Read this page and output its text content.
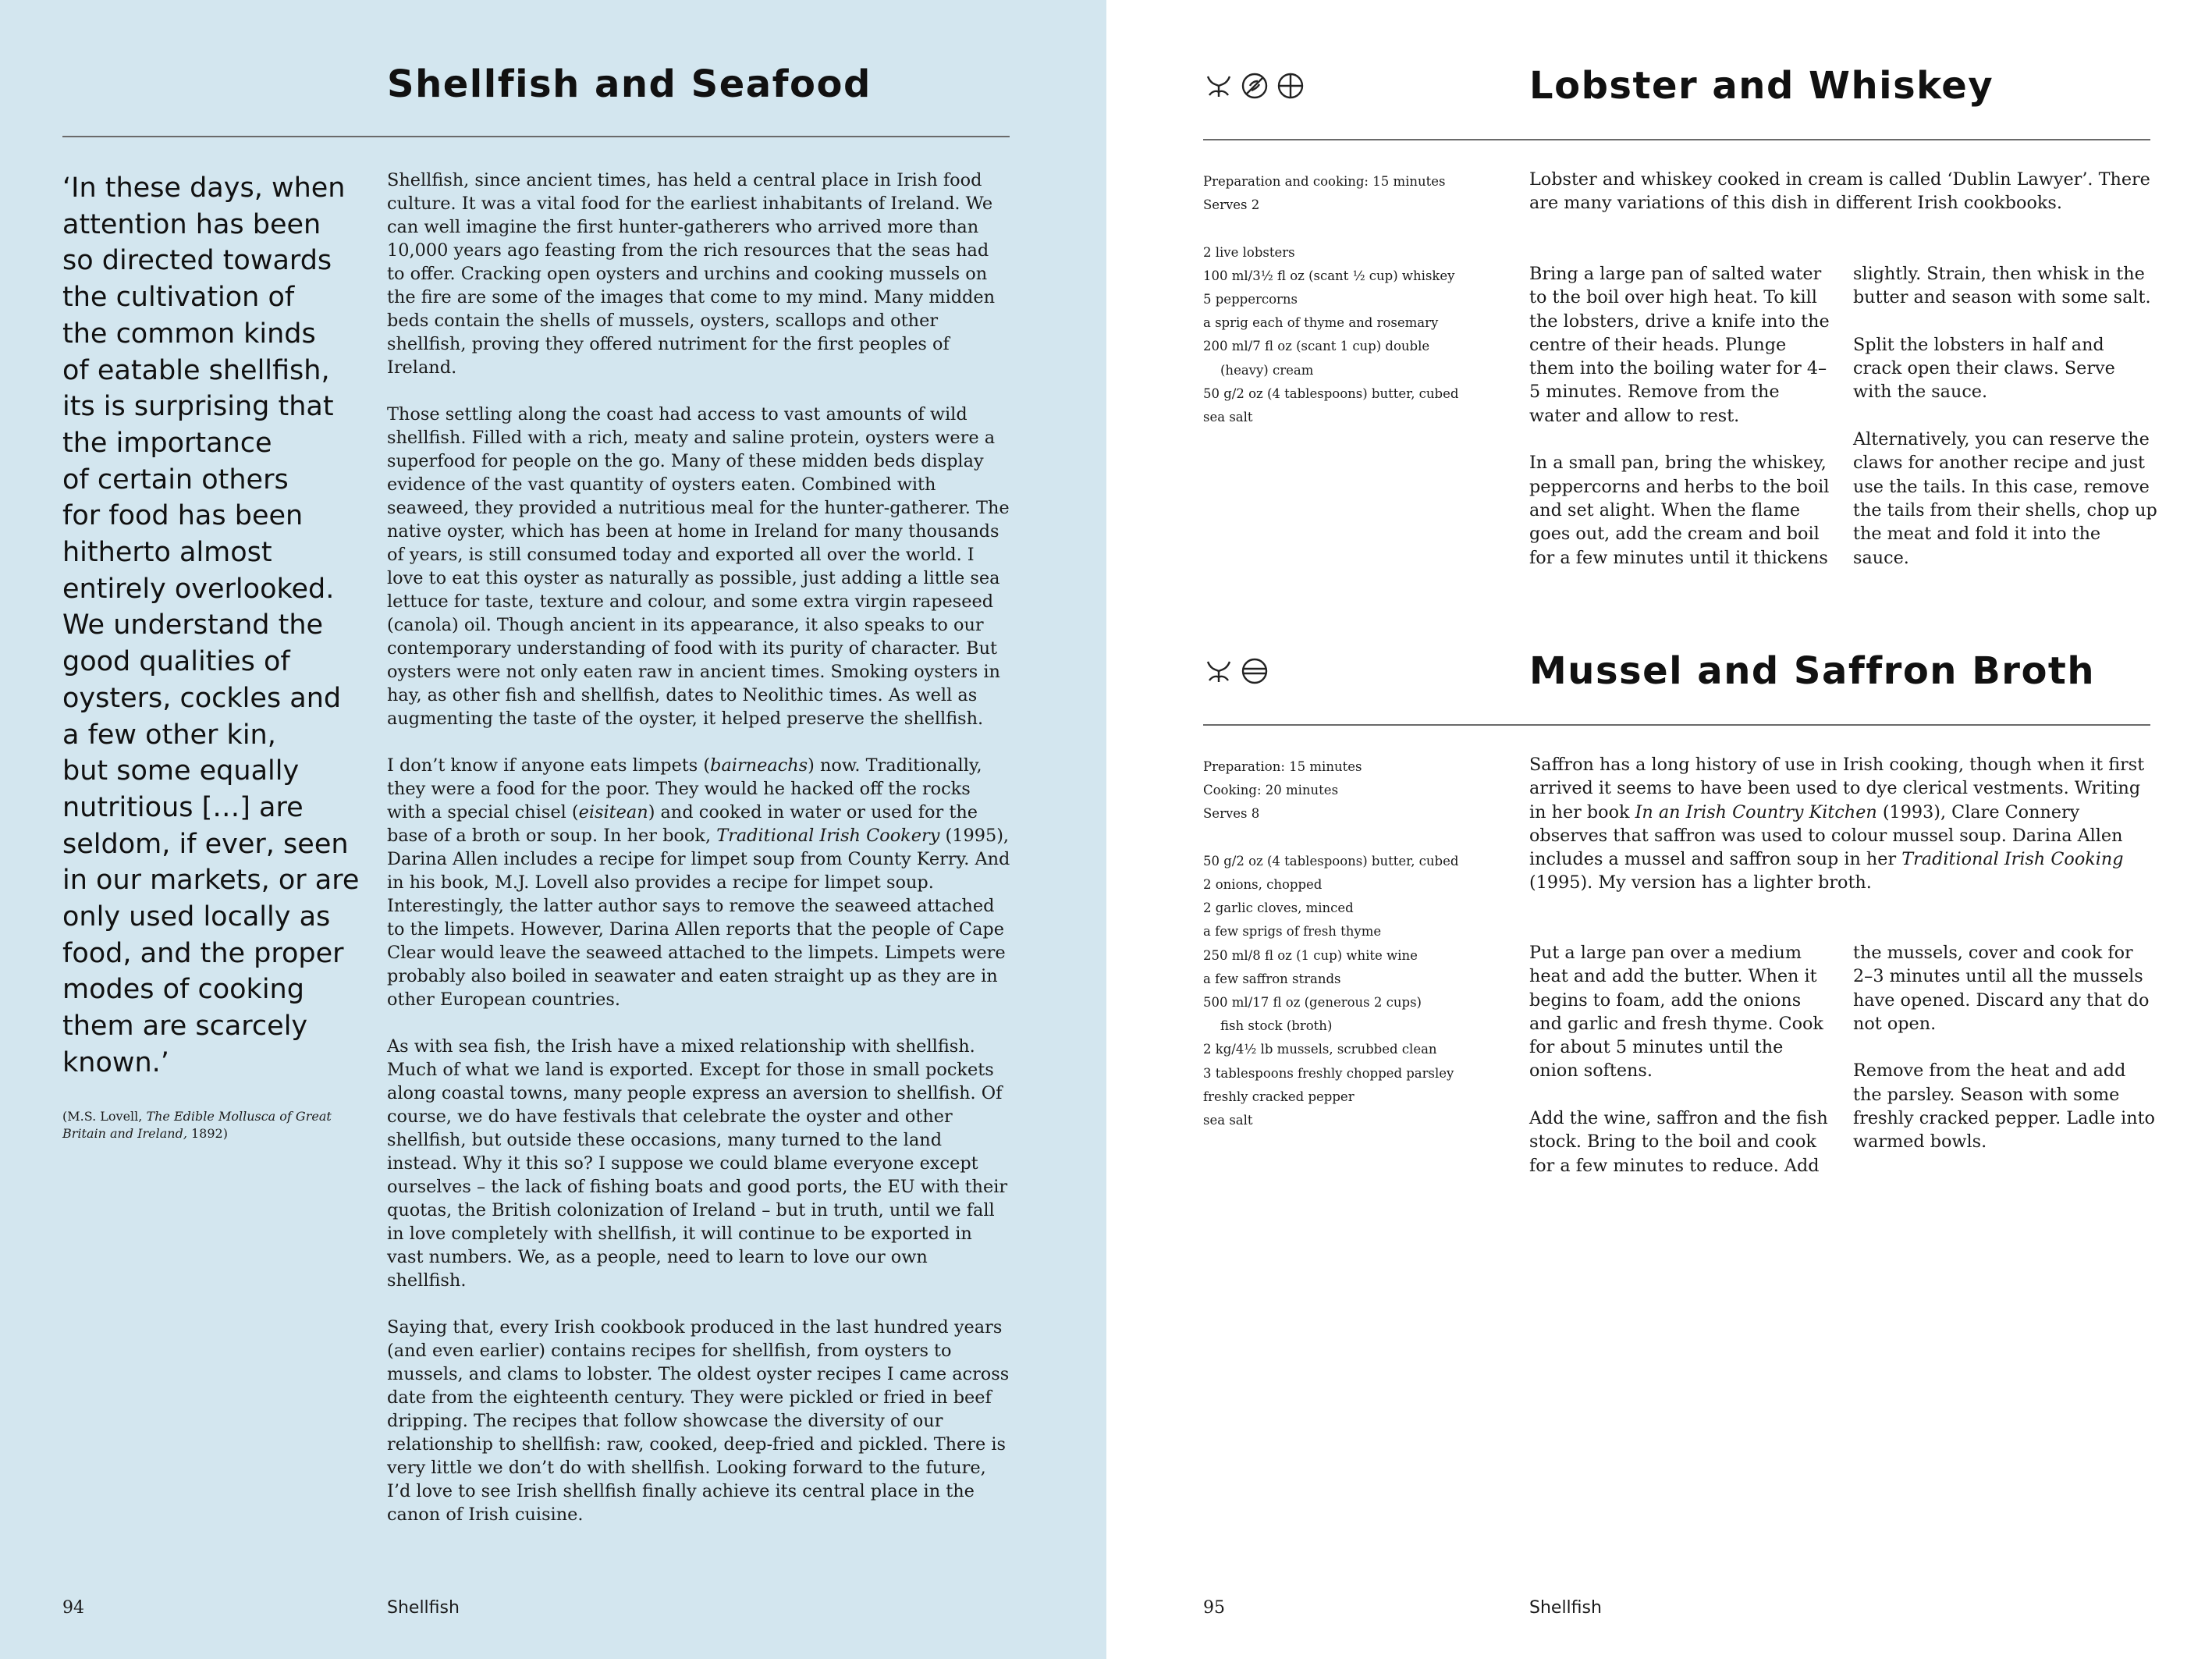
Shellfish and Seafood
‘In these days, when
attention has been
so directed towards
the cultivation of
the common kinds
of eatable shellfish,
its is surprising that
the importance
of certain others
for food has been
hitherto almost
entirely overlooked.
We understand the
good qualities of
oysters, cockles and
a few other kin,
but some equally
nutritious […] are
seldom, if ever, seen
in our markets, or are
only used locally as
food, and the proper
modes of cooking
them are scarcely
known.’
(M.S. Lovell, The Edible Mollusca of Great Britain and Ireland, 1892)

Shellfish, since ancient times, has held a central place in Irish food culture. It was a vital food for the earliest inhabitants of Ireland. We can well imagine the first hunter-gatherers who arrived more than 10,000 years ago feasting from the rich resources that the seas had to offer. Cracking open oysters and urchins and cooking mussels on the fire are some of the images that come to my mind. Many midden beds contain the shells of mussels, oysters, scallops and other shellfish, proving they offered nutriment for the first peoples of Ireland.

Those settling along the coast had access to vast amounts of wild shellfish. Filled with a rich, meaty and saline protein, oysters were a superfood for people on the go. Many of these midden beds display evidence of the vast quantity of oysters eaten. Combined with seaweed, they provided a nutritious meal for the hunter-gatherer. The native oyster, which has been at home in Ireland for many thousands of years, is still consumed today and exported all over the world. I love to eat this oyster as naturally as possible, just adding a little sea lettuce for taste, texture and colour, and some extra virgin rapeseed (canola) oil. Though ancient in its appearance, it also speaks to our contemporary understanding of food with its purity of character. But oysters were not only eaten raw in ancient times. Smoking oysters in hay, as other fish and shellfish, dates to Neolithic times. As well as augmenting the taste of the oyster, it helped preserve the shellfish.

I don’t know if anyone eats limpets (bairneachs) now. Traditionally, they were a food for the poor. They would he hacked off the rocks with a special chisel (eisitean) and cooked in water or used for the base of a broth or soup. In her book, Traditional Irish Cookery (1995), Darina Allen includes a recipe for limpet soup from County Kerry. And in his book, M.J. Lovell also provides a recipe for limpet soup. Interestingly, the latter author says to remove the seaweed attached to the limpets. However, Darina Allen reports that the people of Cape Clear would leave the seaweed attached to the limpets. Limpets were probably also boiled in seawater and eaten straight up as they are in other European countries.

As with sea fish, the Irish have a mixed relationship with shellfish. Much of what we land is exported. Except for those in small pockets along coastal towns, many people express an aversion to shellfish. Of course, we do have festivals that celebrate the oyster and other shellfish, but outside these occasions, many turned to the land instead. Why it this so? I suppose we could blame everyone except ourselves – the lack of fishing boats and good ports, the EU with their quotas, the British colonization of Ireland – but in truth, until we fall in love completely with shellfish, it will continue to be exported in vast numbers. We, as a people, need to learn to love our own shellfish.

Saying that, every Irish cookbook produced in the last hundred years (and even earlier) contains recipes for shellfish, from oysters to mussels, and clams to lobster. The oldest oyster recipes I came across date from the eighteenth century. They were pickled or fried in beef dripping. The recipes that follow showcase the diversity of our relationship to shellfish: raw, cooked, deep-fried and pickled. There is very little we don’t do with shellfish. Looking forward to the future, I’d love to see Irish shellfish finally achieve its central place in the canon of Irish cuisine.

94	Shellfish
Lobster and Whiskey
Preparation and cooking: 15 minutes
Serves 2
2 live lobsters
100 ml/3½ fl oz (scant ½ cup) whiskey
5 peppercorns
a sprig each of thyme and rosemary
200 ml/7 fl oz (scant 1 cup) double
(heavy) cream
50 g/2 oz (4 tablespoons) butter, cubed
sea salt
Lobster and whiskey cooked in cream is called ‘Dublin Lawyer’. There are many variations of this dish in different Irish cookbooks.

Bring a large pan of salted water to the boil over high heat. To kill the lobsters, drive a knife into the centre of their heads. Plunge them into the boiling water for 4–5 minutes. Remove from the water and allow to rest.

In a small pan, bring the whiskey, peppercorns and herbs to the boil and set alight. When the flame goes out, add the cream and boil for a few minutes until it thickens

slightly. Strain, then whisk in the butter and season with some salt.

Split the lobsters in half and crack open their claws. Serve with the sauce.

Alternatively, you can reserve the claws for another recipe and just use the tails. In this case, remove the tails from their shells, chop up the meat and fold it into the sauce.

Mussel and Saffron Broth
Preparation: 15 minutes
Cooking: 20 minutes
Serves 8
50 g/2 oz (4 tablespoons) butter, cubed
2 onions, chopped
2 garlic cloves, minced
a few sprigs of fresh thyme
250 ml/8 fl oz (1 cup) white wine
a few saffron strands
500 ml/17 fl oz (generous 2 cups)
fish stock (broth)
2 kg/4½ lb mussels, scrubbed clean
3 tablespoons freshly chopped parsley
freshly cracked pepper
sea salt
Saffron has a long history of use in Irish cooking, though when it first arrived it seems to have been used to dye clerical vestments. Writing in her book In an Irish Country Kitchen (1993), Clare Connery observes that saffron was used to colour mussel soup. Darina Allen includes a mussel and saffron soup in her Traditional Irish Cooking (1995). My version has a lighter broth.

Put a large pan over a medium heat and add the butter. When it begins to foam, add the onions and garlic and fresh thyme. Cook for about 5 minutes until the onion softens.

Add the wine, saffron and the fish stock. Bring to the boil and cook for a few minutes to reduce. Add

the mussels, cover and cook for 2–3 minutes until all the mussels have opened. Discard any that do not open.

Remove from the heat and add the parsley. Season with some freshly cracked pepper. Ladle into warmed bowls.

95	Shellfish
